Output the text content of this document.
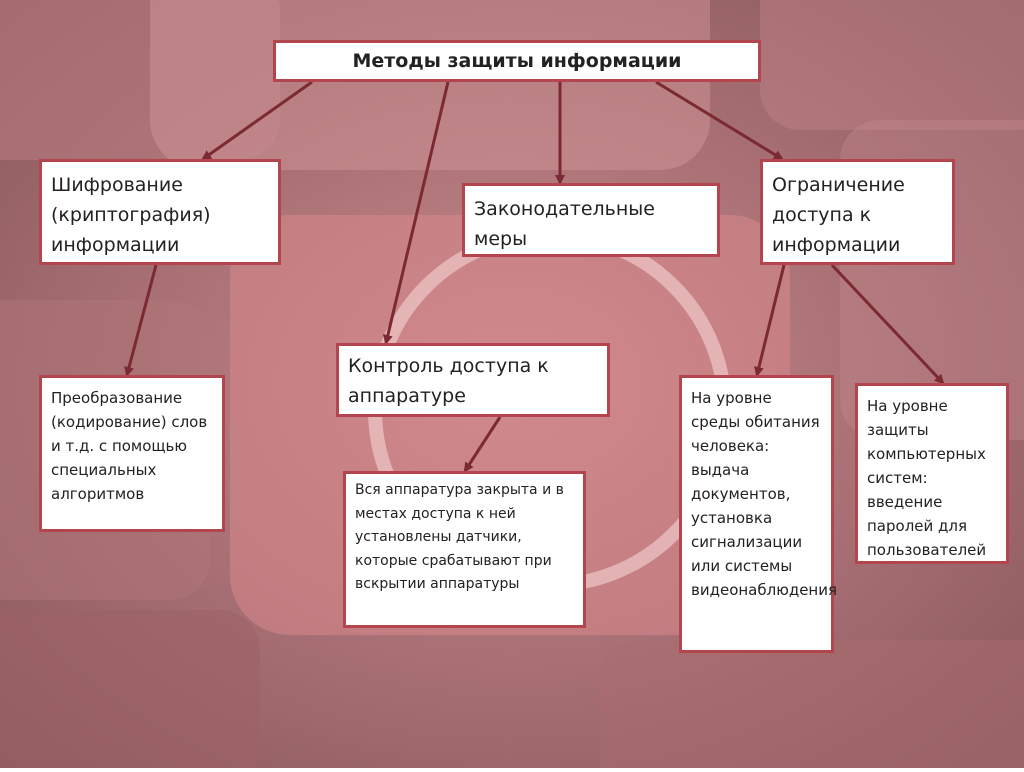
Методы защиты информации
Шифрование (криптография) информации
Законодательные меры
Ограничение доступа к информации
Контроль доступа к аппаратуре
Преобразование (кодирование) слов и т.д. с помощью специальных алгоритмов	Вся аппаратура закрыта и в местах доступа к ней установлены датчики, которые срабатывают при вскрытии аппаратуры
На уровне среды обитания человека: выдача документов, установка сигнализации или системы видеонаблюдения
На уровне защиты компьютерных систем: введение паролей для пользователей
